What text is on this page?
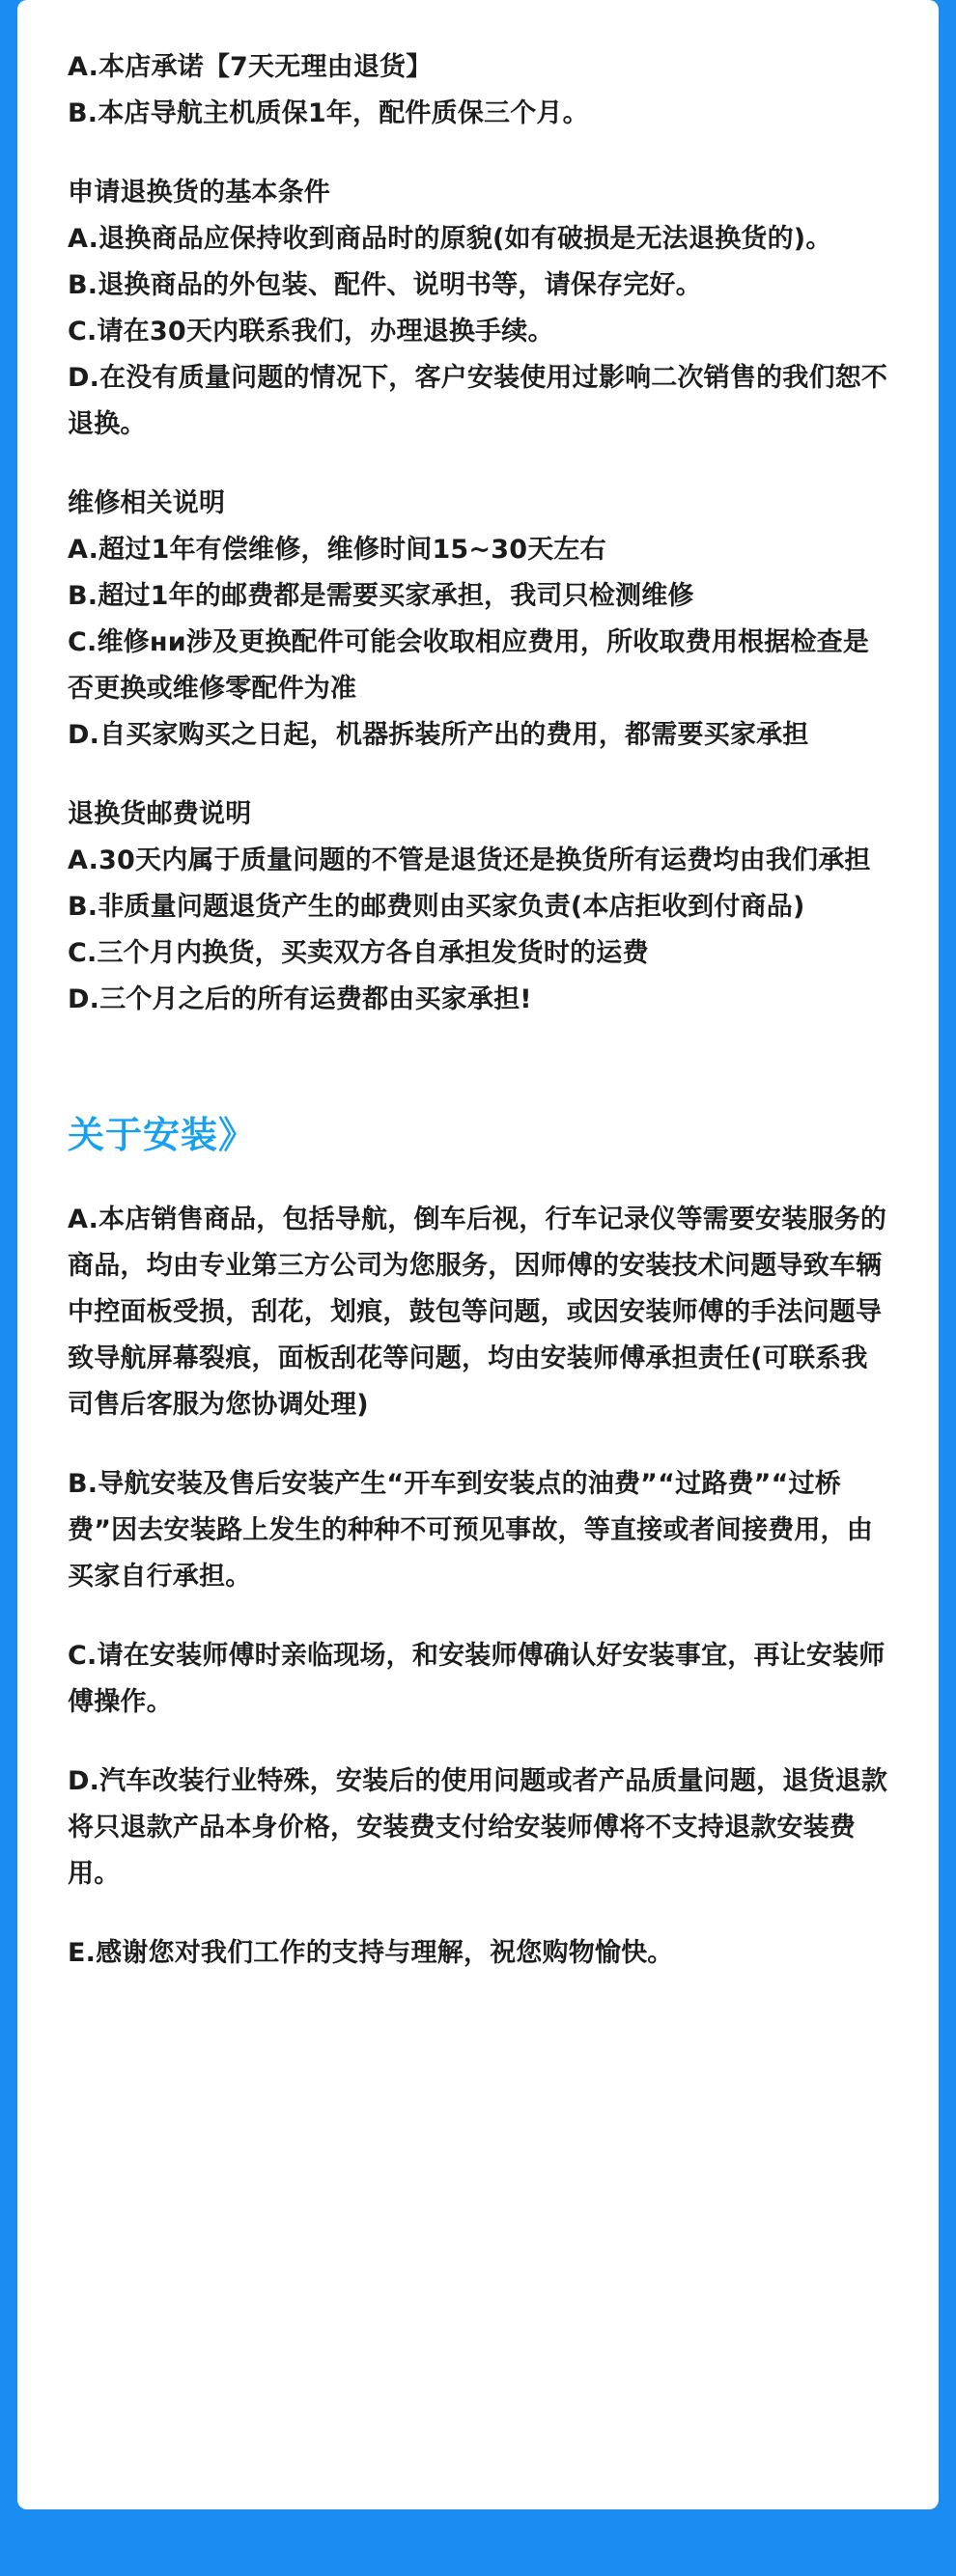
A.本店承诺【7天无理由退货】
B.本店导航主机质保1年，配件质保三个月。
申请退换货的基本条件
A.退换商品应保持收到商品时的原貌(如有破损是无法退换货的)。
B.退换商品的外包装、配件、说明书等，请保存完好。
C.请在30天内联系我们，办理退换手续。
D.在没有质量问题的情况下，客户安装使用过影响二次销售的我们恕不退换。
维修相关说明
A.超过1年有偿维修，维修时间15~30天左右
B.超过1年的邮费都是需要买家承担，我司只检测维修
C.维修ни涉及更换配件可能会收取相应费用，所收取费用根据检查是否更换或维修零配件为准
D.自买家购买之日起，机器拆装所产出的费用，都需要买家承担
退换货邮费说明
A.30天内属于质量问题的不管是退货还是换货所有运费均由我们承担
B.非质量问题退货产生的邮费则由买家负责(本店拒收到付商品)
C.三个月内换货，买卖双方各自承担发货时的运费
D.三个月之后的所有运费都由买家承担!
关于安装》
A.本店销售商品，包括导航，倒车后视，行车记录仪等需要安装服务的商品，均由专业第三方公司为您服务，因师傅的安装技术问题导致车辆中控面板受损，刮花，划痕，鼓包等问题，或因安装师傅的手法问题导致导航屏幕裂痕，面板刮花等问题，均由安装师傅承担责任(可联系我司售后客服为您协调处理)
B.导航安装及售后安装产生“开车到安装点的油费”“过路费”“过桥费”因去安装路上发生的种种不可预见事故，等直接或者间接费用，由买家自行承担。
C.请在安装师傅时亲临现场，和安装师傅确认好安装事宜，再让安装师傅操作。
D.汽车改装行业特殊，安装后的使用问题或者产品质量问题，退货退款将只退款产品本身价格，安装费支付给安装师傅将不支持退款安装费用。
E.感谢您对我们工作的支持与理解，祝您购物愉快。
